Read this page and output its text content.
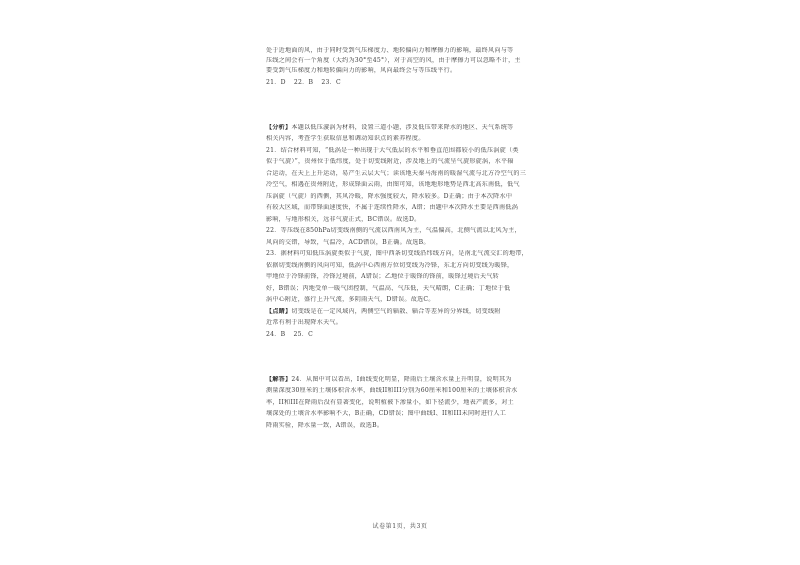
处于近地面的风，由于同时受到气压梯度力、地转偏向力和摩擦力的影响，最终风向与等
压线之间会有一个角度（大约为30°至45°），对于高空的风，由于摩擦力可以忽略不计，主
要受到气压梯度力和地转偏向力的影响，风向最终会与等压线平行。
21．D 22．B 23．C
【分析】本题以低压漩涡为材料，设置三道小题，涉及低压带来降水的地区、天气系统等
相关内容，考查学生获取信息和调动知识点的素养程度。
21．结合材料可知，“低涡是一种出现于大气低层的水平和垂直范围都较小的低压涡旋（类
似于气旋）”，贵州位于低纬度，处于切变线附近，涉及地上的气流呈气旋形旋涡，水平辐
合运动，在天上上升运动，易产生云层大气；读该地天秦马海南的暖湿气流与北方冷空气的三
冷空气，相遇在贵州附近，形成锋面云雨，由图可知，该地地形地势是西北高东南低，低气
压涡旋（气旋）的西侧，其风冷暖，降水强度较大，降水较多。D正确；由于本次降水中
有较大区域，而带锋面速度快，不属于连续性降水，A错；由题中本次降水主要是西南低涡
影响，与地形相关，远非气旋正式，BC错误。故选D。
22．等压线在850hPa切变线南侧的气流以西南风为主，气温偏高，北侧气流以北风为主，
风向的交错，导致，气温冷，ACD错误，B正确。故选B。
23．据材料可知低压涡旋类似于气旋，图中西条切变线沿纬线方向，是南北气流交汇的地带，
依据切变线南侧的风向可知，低涡中心西南方位切变线为冷锋，东北方向切变线为暖锋，
甲地位于冷锋前锋，冷锋过境前，A错误；乙地位于暖锋的锋前，暖锋过境后天气转
好，B错误；丙地受单一暖气团控制，气温高、气压低，天气晴朗，C正确；丁地位于低
涡中心附近，盛行上升气流，多阴雨天气，D错误。故选C。
【点睛】切变线是在一定风域内，两侧空气的辐散、辐合等差异的分界线，切变线附
近常有利于出现降水天气。
24．B 25．C
【解答】24．从图中可以看出，I曲线变化明显，降雨后土壤含水量上升明显，说明其为
测量深度30厘米的土壤体积含水率，曲线II和III分别为60厘米和100厘米的土壤体积含水
率，II和III在降雨后没有显著变化，说明植被下渗量小，如下径流少，地表产流多，对土
壤深处的土壤含水率影响不大，B正确，CD错误；图中曲线I、II和III未同时进行人工
降雨实验，降水量一致，A错误，故选B。
试卷第1页，共3页
